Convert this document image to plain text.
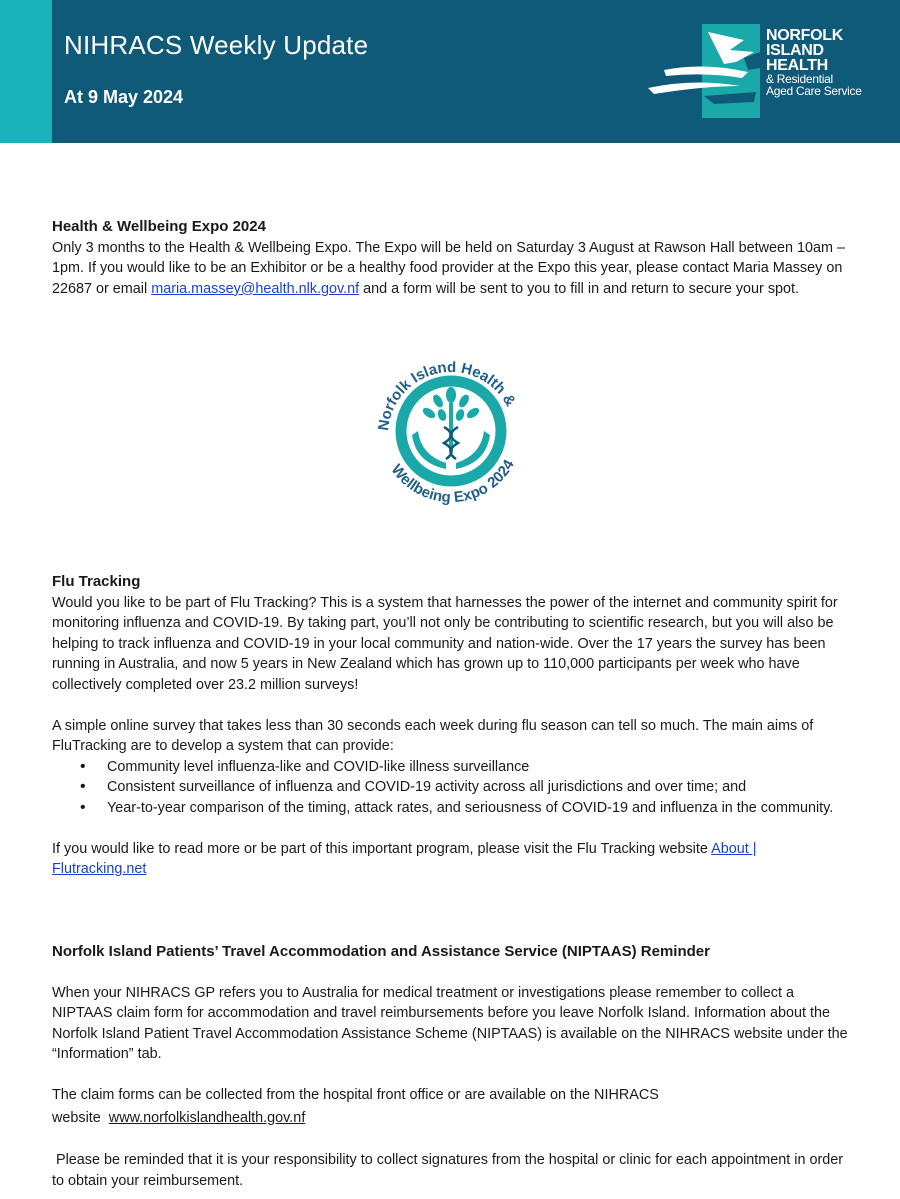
NIHRACS Weekly Update
At 9 May 2024
NORFOLK
ISLAND
HEALTH
& Residential
Aged Care Service
Health & Wellbeing Expo 2024
Only 3 months to the Health & Wellbeing Expo. The Expo will be held on Saturday 3 August at Rawson Hall between 10am – 1pm. If you would like to be an Exhibitor or be a healthy food provider at the Expo this year, please contact Maria Massey on 22687 or email maria.massey@health.nlk.gov.nf and a form will be sent to you to fill in and return to secure your spot.
Norfolk Island Health &
Wellbeing Expo 2024
Flu Tracking
Would you like to be part of Flu Tracking? This is a system that harnesses the power of the internet and community spirit for monitoring influenza and COVID-19. By taking part, you’ll not only be contributing to scientific research, but you will also be helping to track influenza and COVID-19 in your local community and nation-wide. Over the 17 years the survey has been running in Australia, and now 5 years in New Zealand which has grown up to 110,000 participants per week who have collectively completed over 23.2 million surveys!
A simple online survey that takes less than 30 seconds each week during flu season can tell so much. The main aims of FluTracking are to develop a system that can provide:
• Community level influenza-like and COVID-like illness surveillance
• Consistent surveillance of influenza and COVID-19 activity across all jurisdictions and over time; and
• Year-to-year comparison of the timing, attack rates, and seriousness of COVID-19 and influenza in the community.
If you would like to read more or be part of this important program, please visit the Flu Tracking website About | Flutracking.net
Norfolk Island Patients’ Travel Accommodation and Assistance Service (NIPTAAS) Reminder
When your NIHRACS GP refers you to Australia for medical treatment or investigations please remember to collect a NIPTAAS claim form for accommodation and travel reimbursements before you leave Norfolk Island. Information about the Norfolk Island Patient Travel Accommodation Assistance Scheme (NIPTAAS) is available on the NIHRACS website under the “Information” tab.
The claim forms can be collected from the hospital front office or are available on the NIHRACS
website  www.norfolkislandhealth.gov.nf
Please be reminded that it is your responsibility to collect signatures from the hospital or clinic for each appointment in order to obtain your reimbursement.
